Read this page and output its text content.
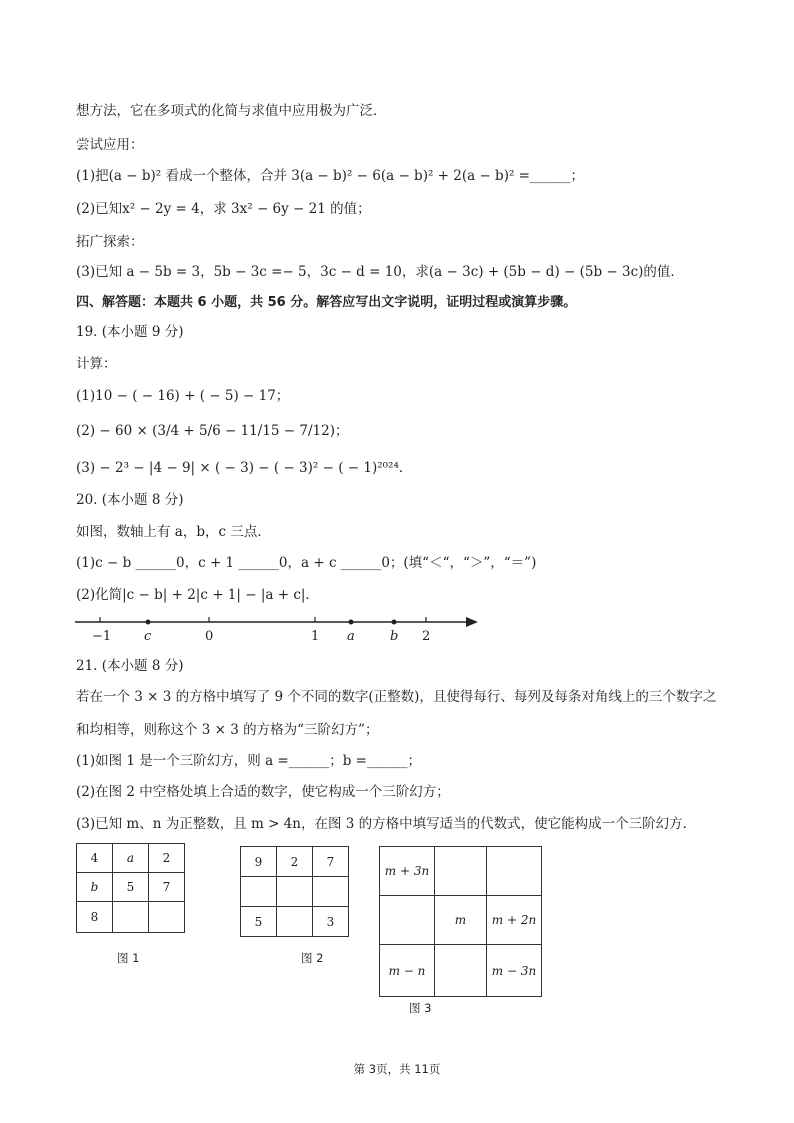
想方法，它在多项式的化简与求值中应用极为广泛．
尝试应用：
(1)把(a − b)² 看成一个整体，合并 3(a − b)² − 6(a − b)² + 2(a − b)² =______；
(2)已知x² − 2y = 4，求 3x² − 6y − 21 的值；
拓广探索：
(3)已知 a − 5b = 3，5b − 3c =− 5，3c − d = 10，求(a − 3c) + (5b − d) − (5b − 3c)的值．
四、解答题：本题共 6 小题，共 56 分。解答应写出文字说明，证明过程或演算步骤。
19. (本小题 9 分)
计算：
(1)10 − ( − 16) + ( − 5) − 17；
(2) − 60 × (3/4 + 5/6 − 11/15 − 7/12)；
(3) − 2³ − |4 − 9| × ( − 3) − ( − 3)² − ( − 1)²⁰²⁴．
20. (本小题 8 分)
如图，数轴上有 a，b，c 三点．
(1)c − b ______0，c + 1 ______0，a + c ______0；(填“＜“，“＞”，“＝”)
(2)化简|c − b| + 2|c + 1| − |a + c|．
−1	c	0	1 a	b 2
21. (本小题 8 分)
若在一个 3 × 3 的方格中填写了 9 个不同的数字(正整数)，且使得每行、每列及每条对角线上的三个数字之
和均相等，则称这个 3 × 3 的方格为“三阶幻方”；
(1)如图 1 是一个三阶幻方，则 a =______；b =______；
(2)在图 2 中空格处填上合适的数字，使它构成一个三阶幻方；
(3)已知 m、n 为正整数，且 m > 4n，在图 3 的方格中填写适当的代数式，使它能构成一个三阶幻方．
4	a	2
b	5	7
8		
图 1
9	2	7

5		3
图 2
m + 3n		
	m	m + 2n
m − n		m − 3n
图 3
第 3页，共 11页
